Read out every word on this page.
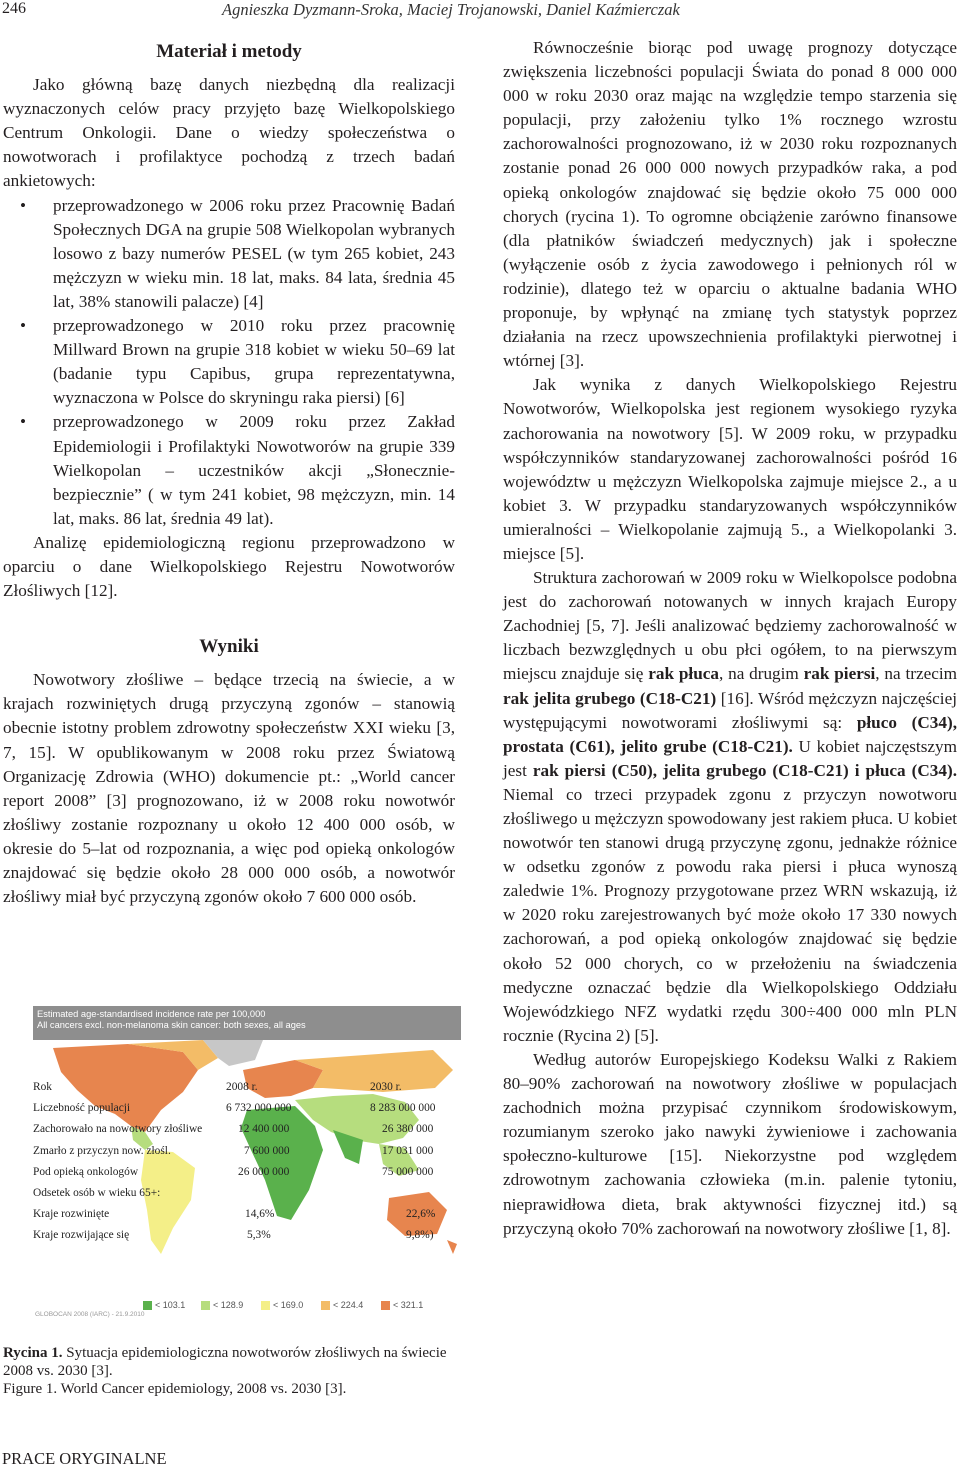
246	Agnieszka Dyzmann-Sroka, Maciej Trojanowski, Daniel Kaźmierczak
Materiał i metody

Jako główną bazę danych niezbędną dla realizacji wyznaczonych celów pracy przyjęto bazę Wielkopolskiego Centrum Onkologii. Dane o wiedzy społeczeństwa o nowotworach i profilaktyce pochodzą z trzech badań ankietowych:

• przeprowadzonego w 2006 roku przez Pracownię Badań Społecznych DGA na grupie 508 Wielkopolan wybranych losowo z bazy numerów PESEL (w tym 265 kobiet, 243 mężczyzn w wieku min. 18 lat, maks. 84 lata, średnia 45 lat, 38% stanowili palacze) [4]
• przeprowadzonego w 2010 roku przez pracownię Millward Brown na grupie 318 kobiet w wieku 50–69 lat (badanie typu Capibus, grupa reprezentatywna, wyznaczona w Polsce do skryningu raka piersi) [6]
• przeprowadzonego w 2009 roku przez Zakład Epidemiologii i Profilaktyki Nowotworów na grupie 339 Wielkopolan – uczestników akcji „Słonecznie-bezpiecznie” ( w tym 241 kobiet, 98 mężczyzn, min. 14 lat, maks. 86 lat, średnia 49 lat).

Analizę epidemiologiczną regionu przeprowadzono w oparciu o dane Wielkopolskiego Rejestru Nowotworów Złośliwych [12].

Wyniki

Nowotwory złośliwe – będące trzecią na świecie, a w krajach rozwiniętych drugą przyczyną zgonów – stanowią obecnie istotny problem zdrowotny społeczeństw XXI wieku [3, 7, 15]. W opublikowanym w 2008 roku przez Światową Organizację Zdrowia (WHO) dokumencie pt.: „World cancer report 2008” [3] prognozowano, iż w 2008 roku nowotwór złośliwy zostanie rozpoznany u około 12 400 000 osób, w okresie do 5–lat od rozpoznania, a więc pod opieką onkologów znajdować się będzie około 28 000 000 osób, a nowotwór złośliwy miał być przyczyną zgonów około 7 600 000 osób.

Estimated age-standardised incidence rate per 100,000
All cancers excl. non-melanoma skin cancer: both sexes, all ages
Rok	2008 r.	2030 r.
Liczebność populacji	6 732 000 000	8 283 000 000
Zachorowało na nowotwory złośliwe	12 400 000	26 380 000
Zmarło z przyczyn now. złośl.	7 600 000	17 031 000
Pod opieką onkologów	26 000 000	75 000 000
Odsetek osób w wieku 65+:
Kraje rozwinięte	14,6%	22,6%
Kraje rozwijające się	5,3%	9,8%)
< 103.1	< 128.9	< 169.0	< 224.4	< 321.1
GLOBOCAN 2008 (IARC) - 21.9.2010

Rycina 1. Sytuacja epidemiologiczna nowotworów złośliwych na świecie 2008 vs. 2030 [3].

Figure 1. World Cancer epidemiology, 2008 vs. 2030 [3].

PRACE ORYGINALNE

Równocześnie biorąc pod uwagę prognozy dotyczące zwiększenia liczebności populacji Świata do ponad 8 000 000 000 w roku 2030 oraz mając na względzie tempo starzenia się populacji, przy założeniu tylko 1% rocznego wzrostu zachorowalności prognozowano, iż w 2030 roku rozpoznanych zostanie ponad 26 000 000 nowych przypadków raka, a pod opieką onkologów znajdować się będzie około 75 000 000 chorych (rycina 1). To ogromne obciążenie zarówno finansowe (dla płatników świadczeń medycznych) jak i społeczne (wyłączenie osób z życia zawodowego i pełnionych ról w rodzinie), dlatego też w oparciu o aktualne badania WHO proponuje, by wpłynąć na zmianę tych statystyk poprzez działania na rzecz upowszechnienia profilaktyki pierwotnej i wtórnej [3].

Jak wynika z danych Wielkopolskiego Rejestru Nowotworów, Wielkopolska jest regionem wysokiego ryzyka zachorowania na nowotwory [5]. W 2009 roku, w przypadku współczynników standaryzowanej zachorowalności pośród 16 województw u mężczyzn Wielkopolska zajmuje miejsce 2., a u kobiet 3. W przypadku standaryzowanych współczynników umieralności – Wielkopolanie zajmują 5., a Wielkopolanki 3. miejsce [5].

Struktura zachorowań w 2009 roku w Wielkopolsce podobna jest do zachorowań notowanych w innych krajach Europy Zachodniej [5, 7]. Jeśli analizować będziemy zachorowalność w liczbach bezwzględnych u obu płci ogółem, to na pierwszym miejscu znajduje się rak płuca, na drugim rak piersi, na trzecim rak jelita grubego (C18-C21) [16]. Wśród mężczyzn najczęściej występującymi nowotworami złośliwymi są: płuco (C34), prostata (C61), jelito grube (C18-C21). U kobiet najczęstszym jest rak piersi (C50), jelita grubego (C18-C21) i płuca (C34). Niemal co trzeci przypadek zgonu z przyczyn nowotworu złośliwego u mężczyzn spowodowany jest rakiem płuca. U kobiet nowotwór ten stanowi drugą przyczynę zgonu, jednakże różnice w odsetku zgonów z powodu raka piersi i płuca wynoszą zaledwie 1%. Prognozy przygotowane przez WRN wskazują, iż w 2020 roku zarejestrowanych być może około 17 330 nowych zachorowań, a pod opieką onkologów znajdować się będzie około 52 000 chorych, co w przełożeniu na świadczenia medyczne oznaczać będzie dla Wielkopolskiego Oddziału Wojewódzkiego NFZ wydatki rzędu 300÷400 000 mln PLN rocznie (Rycina 2) [5].

Według autorów Europejskiego Kodeksu Walki z Rakiem 80–90% zachorowań na nowotwory złośliwe w populacjach zachodnich można przypisać czynnikom środowiskowym, rozumianym szeroko jako nawyki żywieniowe i zachowania społeczno-kulturowe [15]. Niekorzystne pod względem zdrowotnym zachowania człowieka (m.in. palenie tytoniu, nieprawidłowa dieta, brak aktywności fizycznej itd.) są przyczyną około 70% zachorowań na nowotwory złośliwe [1, 8].
